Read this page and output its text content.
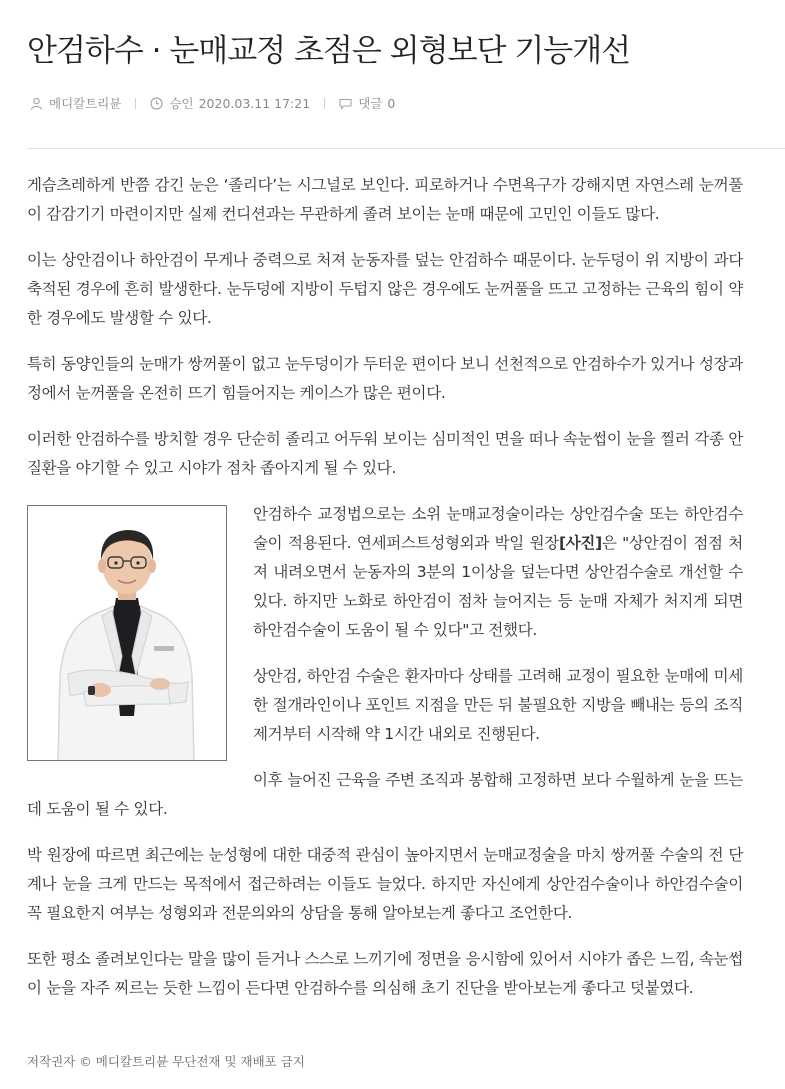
안검하수 · 눈매교정 초점은 외형보단 기능개선
메디칼트리뷴	승인 2020.03.11 17:21	댓글 0

게슴츠레하게 반쯤 감긴 눈은 ‘졸리다’는 시그널로 보인다. 피로하거나 수면욕구가 강해지면 자연스레 눈꺼풀이 감감기기 마련이지만 실제 컨디션과는 무관하게 졸려 보이는 눈매 때문에 고민인 이들도 많다.

이는 상안검이나 하안검이 무게나 중력으로 처져 눈동자를 덮는 안검하수 때문이다. 눈두덩이 위 지방이 과다 축적된 경우에 흔히 발생한다. 눈두덩에 지방이 두텁지 않은 경우에도 눈꺼풀을 뜨고 고정하는 근육의 힘이 약한 경우에도 발생할 수 있다.

특히 동양인들의 눈매가 쌍꺼풀이 없고 눈두덩이가 두터운 편이다 보니 선천적으로 안검하수가 있거나 성장과정에서 눈꺼풀을 온전히 뜨기 힘들어지는 케이스가 많은 편이다.

이러한 안검하수를 방치할 경우 단순히 졸리고 어두워 보이는 심미적인 면을 떠나 속눈썹이 눈을 찔러 각종 안질환을 야기할 수 있고 시야가 점차 좁아지게 될 수 있다.

안검하수 교정법으로는 소위 눈매교정술이라는 상안검수술 또는 하안검수술이 적용된다. 연세퍼스트성형외과 박일 원장[사진]은 "상안검이 점점 처져 내려오면서 눈동자의 3분의 1이상을 덮는다면 상안검수술로 개선할 수 있다. 하지만 노화로 하안검이 점차 늘어지는 등 눈매 자체가 처지게 되면 하안검수술이 도움이 될 수 있다"고 전했다.

상안검, 하안검 수술은 환자마다 상태를 고려해 교정이 필요한 눈매에 미세한 절개라인이나 포인트 지점을 만든 뒤 불필요한 지방을 빼내는 등의 조직 제거부터 시작해 약 1시간 내외로 진행된다.

이후 늘어진 근육을 주변 조직과 봉합해 고정하면 보다 수월하게 눈을 뜨는데 도움이 될 수 있다.

박 원장에 따르면 최근에는 눈성형에 대한 대중적 관심이 높아지면서 눈매교정술을 마치 쌍꺼풀 수술의 전 단계나 눈을 크게 만드는 목적에서 접근하려는 이들도 늘었다. 하지만 자신에게 상안검수술이나 하안검수술이 꼭 필요한지 여부는 성형외과 전문의와의 상담을 통해 알아보는게 좋다고 조언한다.

또한 평소 졸려보인다는 말을 많이 듣거나 스스로 느끼기에 정면을 응시함에 있어서 시야가 좁은 느낌, 속눈썹이 눈을 자주 찌르는 듯한 느낌이 든다면 안검하수를 의심해 초기 진단을 받아보는게 좋다고 덧붙였다.

저작권자 © 메디칼트리뷴 무단전재 및 재배포 금지
